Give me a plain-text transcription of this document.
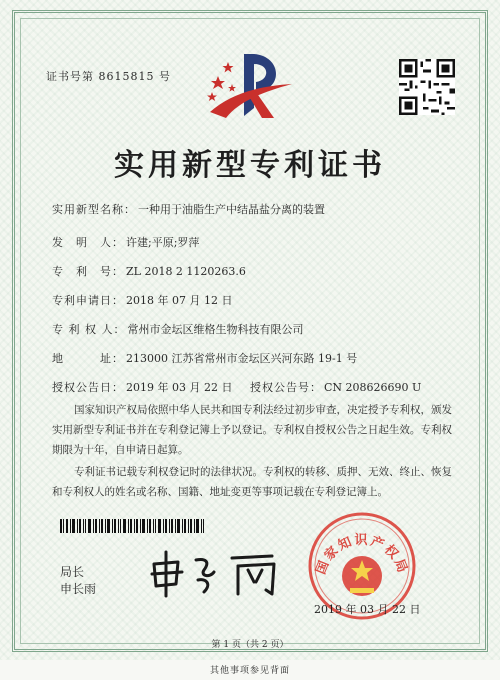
证书号第 8615815 号
实用新型专利证书
实用新型名称： 一种用于油脂生产中结晶盐分离的装置
发　明　人： 许建;平原;罗萍
专　利　号： ZL 2018 2 1120263.6
专利申请日： 2018 年 07 月 12 日
专 利 权 人： 常州市金坛区维格生物科技有限公司
地　　　址： 213000 江苏省常州市金坛区兴河东路 19-1 号
授权公告日： 2019 年 03 月 22 日 授权公告号： CN 208626690 U
国家知识产权局依照中华人民共和国专利法经过初步审查，决定授予专利权，颁发实用新型专利证书并在专利登记簿上予以登记。专利权自授权公告之日起生效。专利权期限为十年，自申请日起算。
专利证书记载专利权登记时的法律状况。专利权的转移、质押、无效、终止、恢复和专利权人的姓名或名称、国籍、地址变更等事项记载在专利登记簿上。
局长
申长雨
国家知识产权局
2019 年 03 月 22 日
第 1 页（共 2 页）
其他事项参见背面
